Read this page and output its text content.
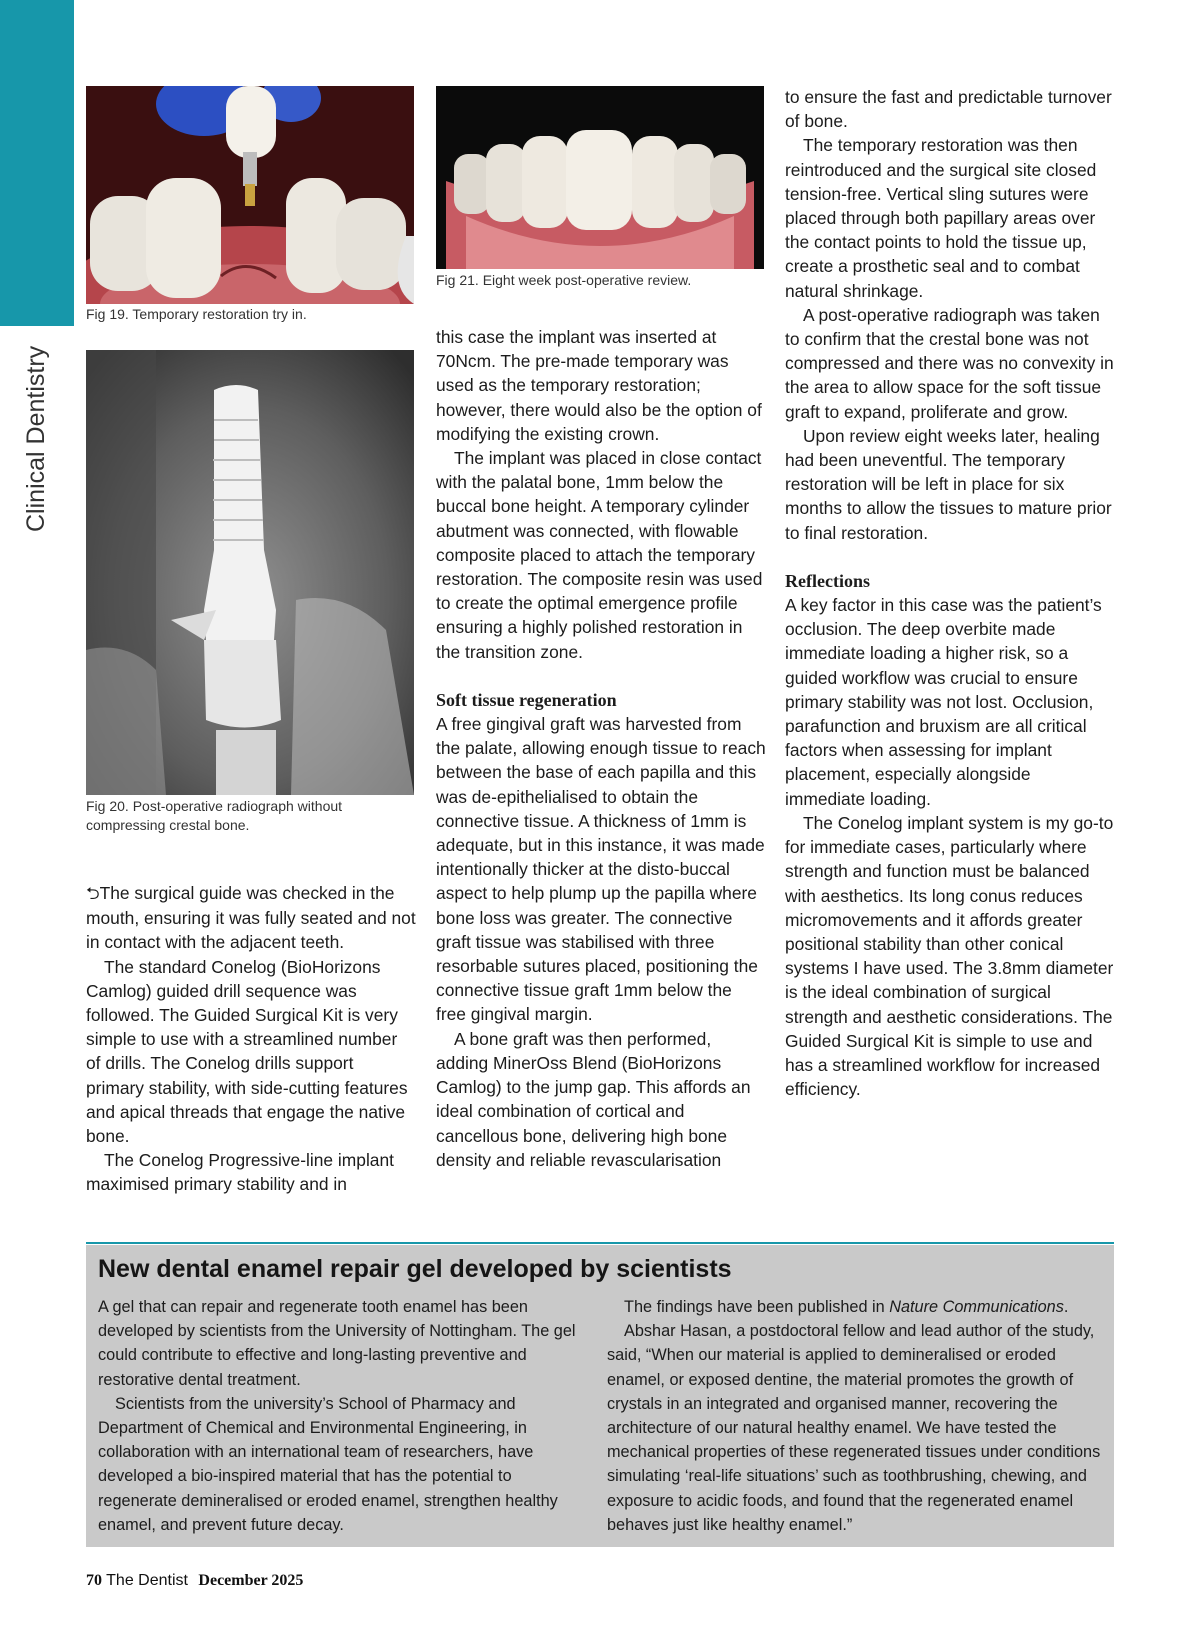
Clinical Dentistry
Fig 19. Temporary restoration try in.
Fig 20. Post-operative radiograph without
compressing crestal bone.
Fig 21. Eight week post-operative review.

⮌The surgical guide was checked in the mouth, ensuring it was fully seated and not in contact with the adjacent teeth.

The standard Conelog (BioHorizons Camlog) guided drill sequence was followed. The Guided Surgical Kit is very simple to use with a streamlined number of drills. The Conelog drills support primary stability, with side-cutting features and apical threads that engage the native bone.

The Conelog Progressive-line implant maximised primary stability and in

this case the implant was inserted at 70Ncm. The pre-made temporary was used as the temporary restoration; however, there would also be the option of modifying the existing crown.

The implant was placed in close contact with the palatal bone, 1mm below the buccal bone height. A temporary cylinder abutment was connected, with flowable composite placed to attach the temporary restoration. The composite resin was used to create the optimal emergence profile ensuring a highly polished restoration in the transition zone.

Soft tissue regeneration

A free gingival graft was harvested from the palate, allowing enough tissue to reach between the base of each papilla and this was de-epithelialised to obtain the connective tissue. A thickness of 1mm is adequate, but in this instance, it was made intentionally thicker at the disto-buccal aspect to help plump up the papilla where bone loss was greater. The connective graft tissue was stabilised with three resorbable sutures placed, positioning the connective tissue graft 1mm below the free gingival margin.

A bone graft was then performed, adding MinerOss Blend (BioHorizons Camlog) to the jump gap. This affords an ideal combination of cortical and cancellous bone, delivering high bone density and reliable revascularisation

to ensure the fast and predictable turnover of bone.

The temporary restoration was then reintroduced and the surgical site closed tension-free. Vertical sling sutures were placed through both papillary areas over the contact points to hold the tissue up, create a prosthetic seal and to combat natural shrinkage.

A post-operative radiograph was taken to confirm that the crestal bone was not compressed and there was no convexity in the area to allow space for the soft tissue graft to expand, proliferate and grow.

Upon review eight weeks later, healing had been uneventful. The temporary restoration will be left in place for six months to allow the tissues to mature prior to final restoration.

Reflections

A key factor in this case was the patient’s occlusion. The deep overbite made immediate loading a higher risk, so a guided workflow was crucial to ensure primary stability was not lost. Occlusion, parafunction and bruxism are all critical factors when assessing for implant placement, especially alongside immediate loading.

The Conelog implant system is my go-to for immediate cases, particularly where strength and function must be balanced with aesthetics. Its long conus reduces micromovements and it affords greater positional stability than other conical systems I have used. The 3.8mm diameter is the ideal combination of surgical strength and aesthetic considerations. The Guided Surgical Kit is simple to use and has a streamlined workflow for increased efficiency.

New dental enamel repair gel developed by scientists

A gel that can repair and regenerate tooth enamel has been developed by scientists from the University of Nottingham. The gel could contribute to effective and long-lasting preventive and restorative dental treatment.

Scientists from the university’s School of Pharmacy and Department of Chemical and Environmental Engineering, in collaboration with an international team of researchers, have developed a bio-inspired material that has the potential to regenerate demineralised or eroded enamel, strengthen healthy enamel, and prevent future decay.

The findings have been published in Nature Communications.

Abshar Hasan, a postdoctoral fellow and lead author of the study, said, “When our material is applied to demineralised or eroded enamel, or exposed dentine, the material promotes the growth of crystals in an integrated and organised manner, recovering the architecture of our natural healthy enamel. We have tested the mechanical properties of these regenerated tissues under conditions simulating ‘real-life situations’ such as toothbrushing, chewing, and exposure to acidic foods, and found that the regenerated enamel behaves just like healthy enamel.”

70 The Dentist December 2025
